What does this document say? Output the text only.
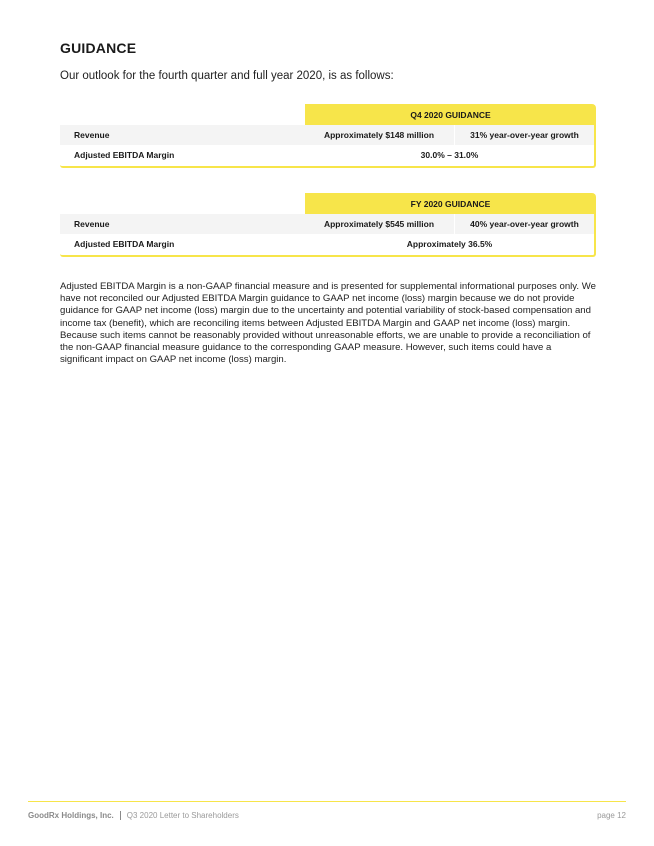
GUIDANCE
Our outlook for the fourth quarter and full year 2020, is as follows:
Q4 2020 GUIDANCE
Revenue	Approximately $148 million	31% year-over-year growth
Adjusted EBITDA Margin	30.0% – 31.0%
FY 2020 GUIDANCE
Revenue	Approximately $545 million	40% year-over-year growth
Adjusted EBITDA Margin	Approximately 36.5%
Adjusted EBITDA Margin is a non-GAAP financial measure and is presented for supplemental informational purposes only. We have not reconciled our Adjusted EBITDA Margin guidance to GAAP net income (loss) margin because we do not provide guidance for GAAP net income (loss) margin due to the uncertainty and potential variability of stock-based compensation and income tax (benefit), which are reconciling items between Adjusted EBITDA Margin and GAAP net income (loss) margin. Because such items cannot be reasonably provided without unreasonable efforts, we are unable to provide a reconciliation of the non-GAAP financial measure guidance to the corresponding GAAP measure. However, such items could have a significant impact on GAAP net income (loss) margin.
GoodRx Holdings, Inc. Q3 2020 Letter to Shareholders	page 12
